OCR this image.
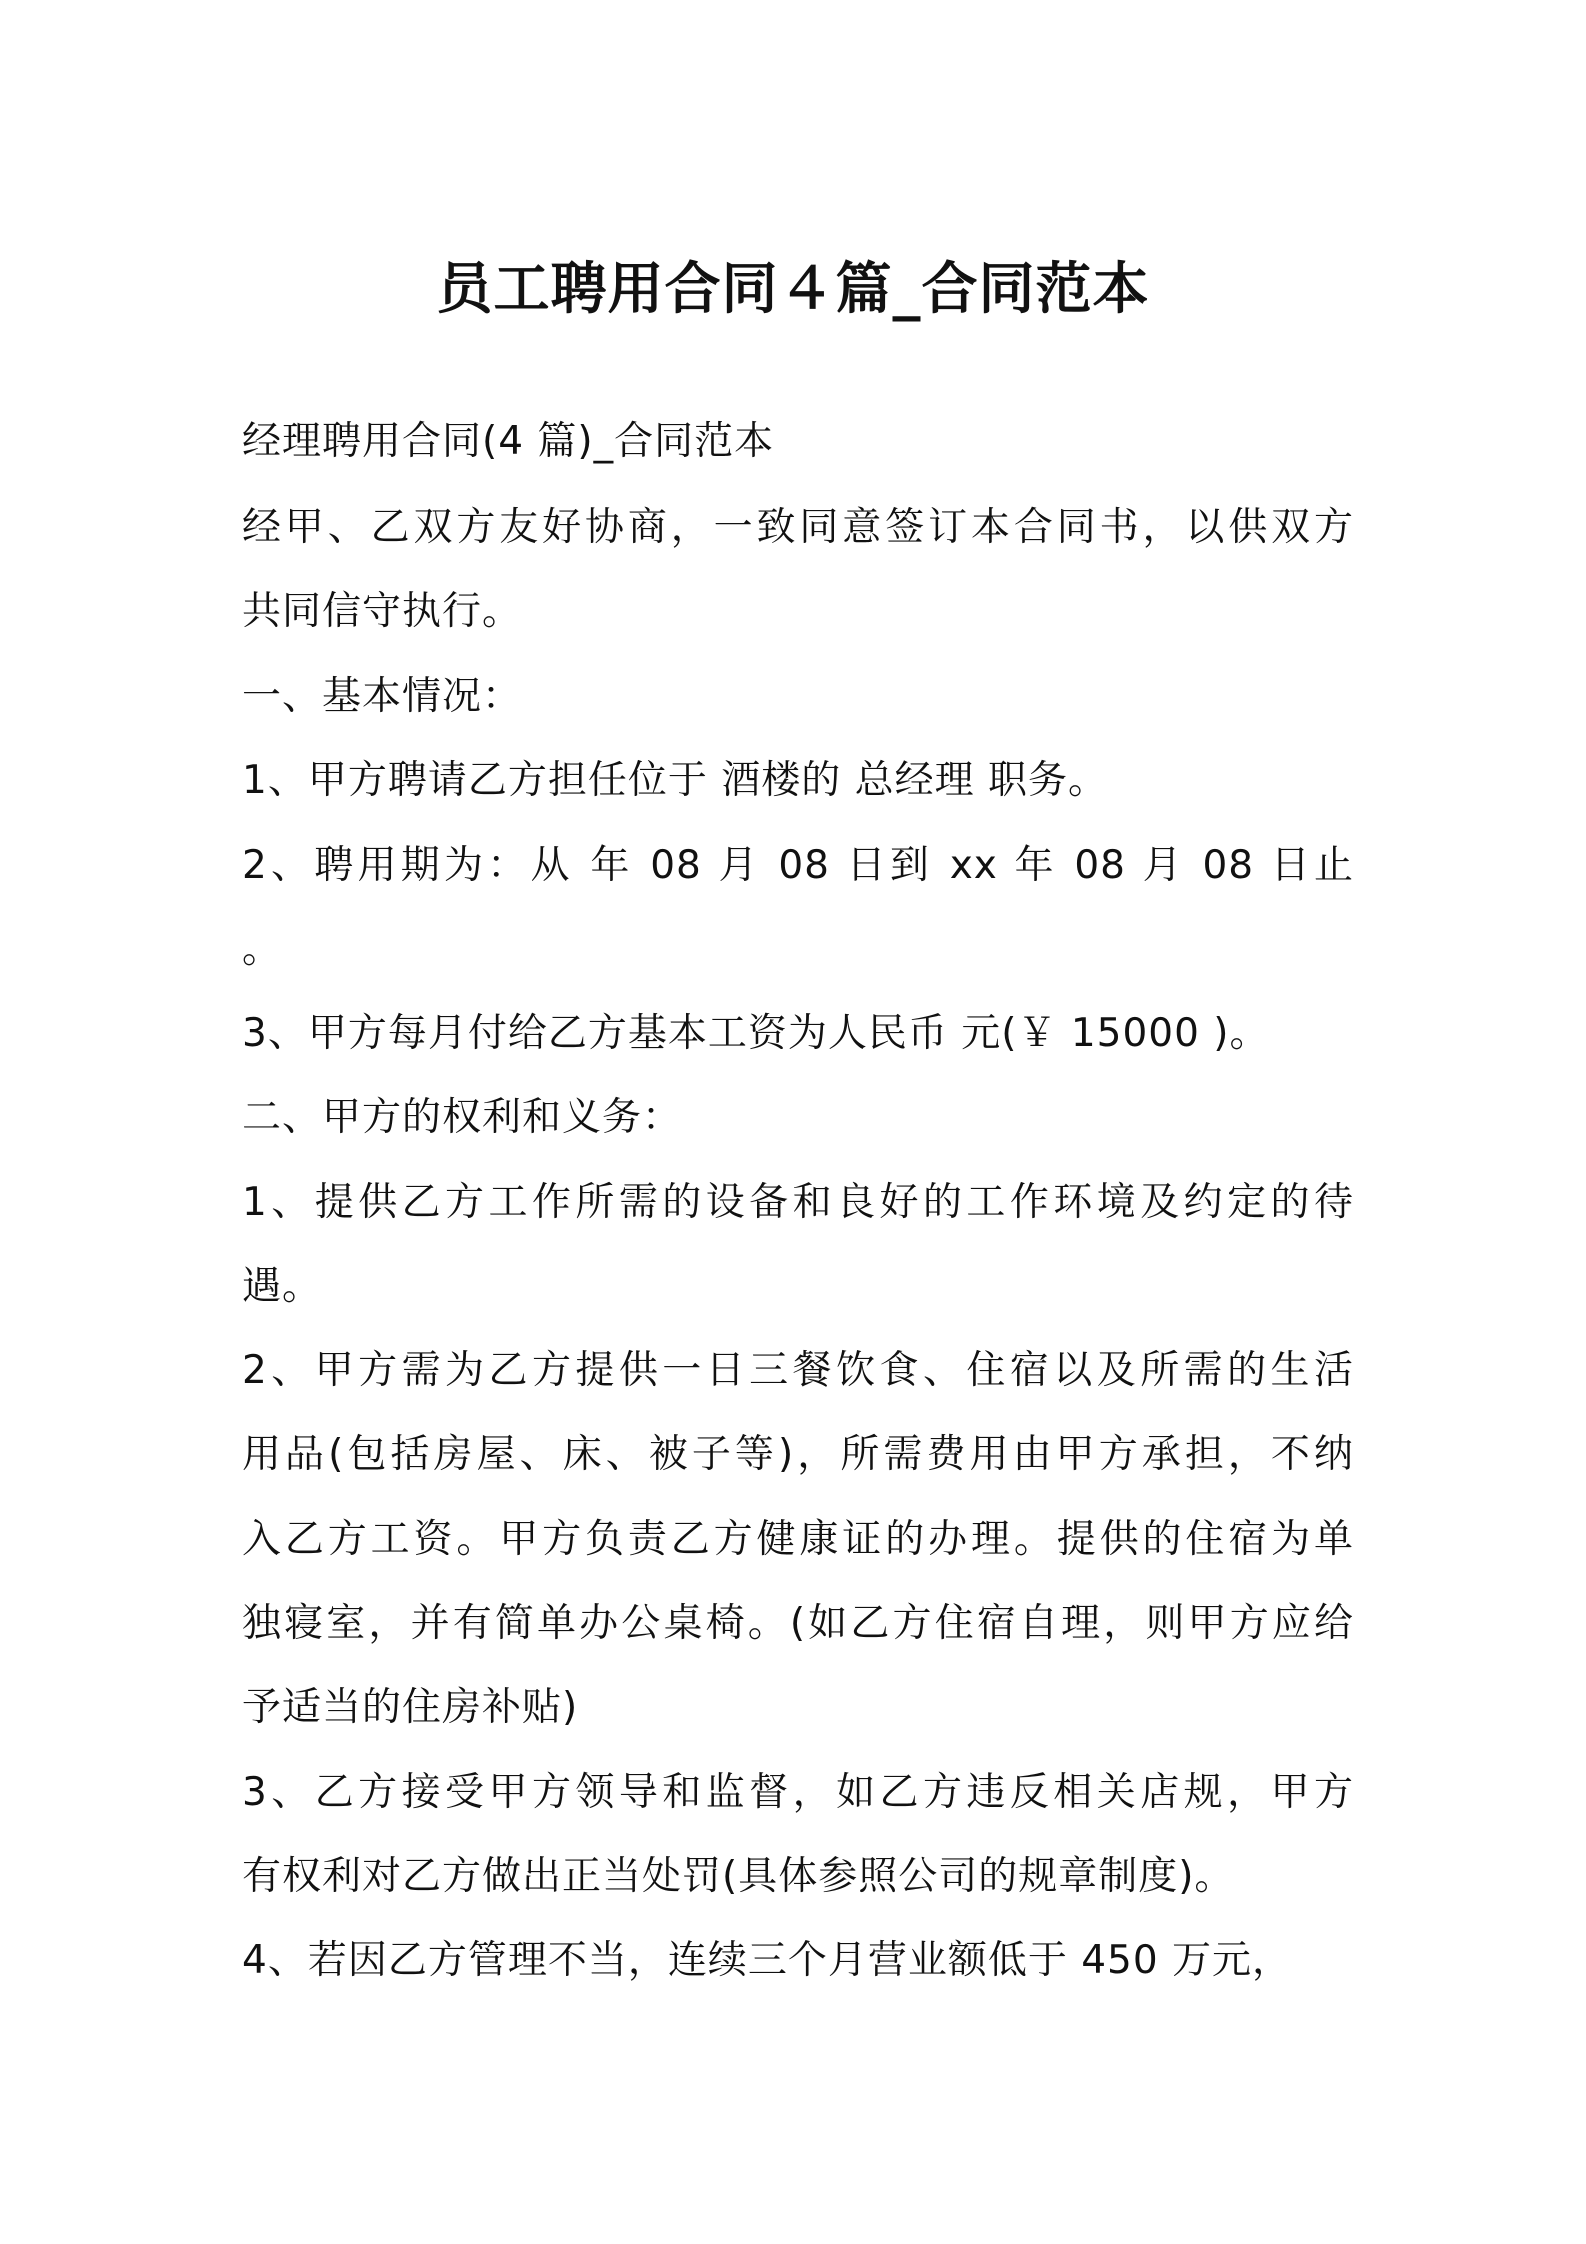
员工聘用合同４篇_合同范本
经理聘用合同(4 篇)_合同范本
经甲、乙双方友好协商，一致同意签订本合同书，以供双方
共同信守执行。
一、基本情况：
1、甲方聘请乙方担任位于 酒楼的 总经理 职务。
2、聘用期为：从 年 08 月 08 日到 xx 年 08 月 08 日止
。
3、甲方每月付给乙方基本工资为人民币 元(￥ 15000 )。
二、甲方的权利和义务：
1、提供乙方工作所需的设备和良好的工作环境及约定的待
遇。
2、甲方需为乙方提供一日三餐饮食、住宿以及所需的生活
用品(包括房屋、床、被子等)，所需费用由甲方承担，不纳
入乙方工资。甲方负责乙方健康证的办理。提供的住宿为单
独寝室，并有简单办公桌椅。(如乙方住宿自理，则甲方应给
予适当的住房补贴)
3、乙方接受甲方领导和监督，如乙方违反相关店规，甲方
有权利对乙方做出正当处罚(具体参照公司的规章制度)。
4、若因乙方管理不当，连续三个月营业额低于 450 万元，
